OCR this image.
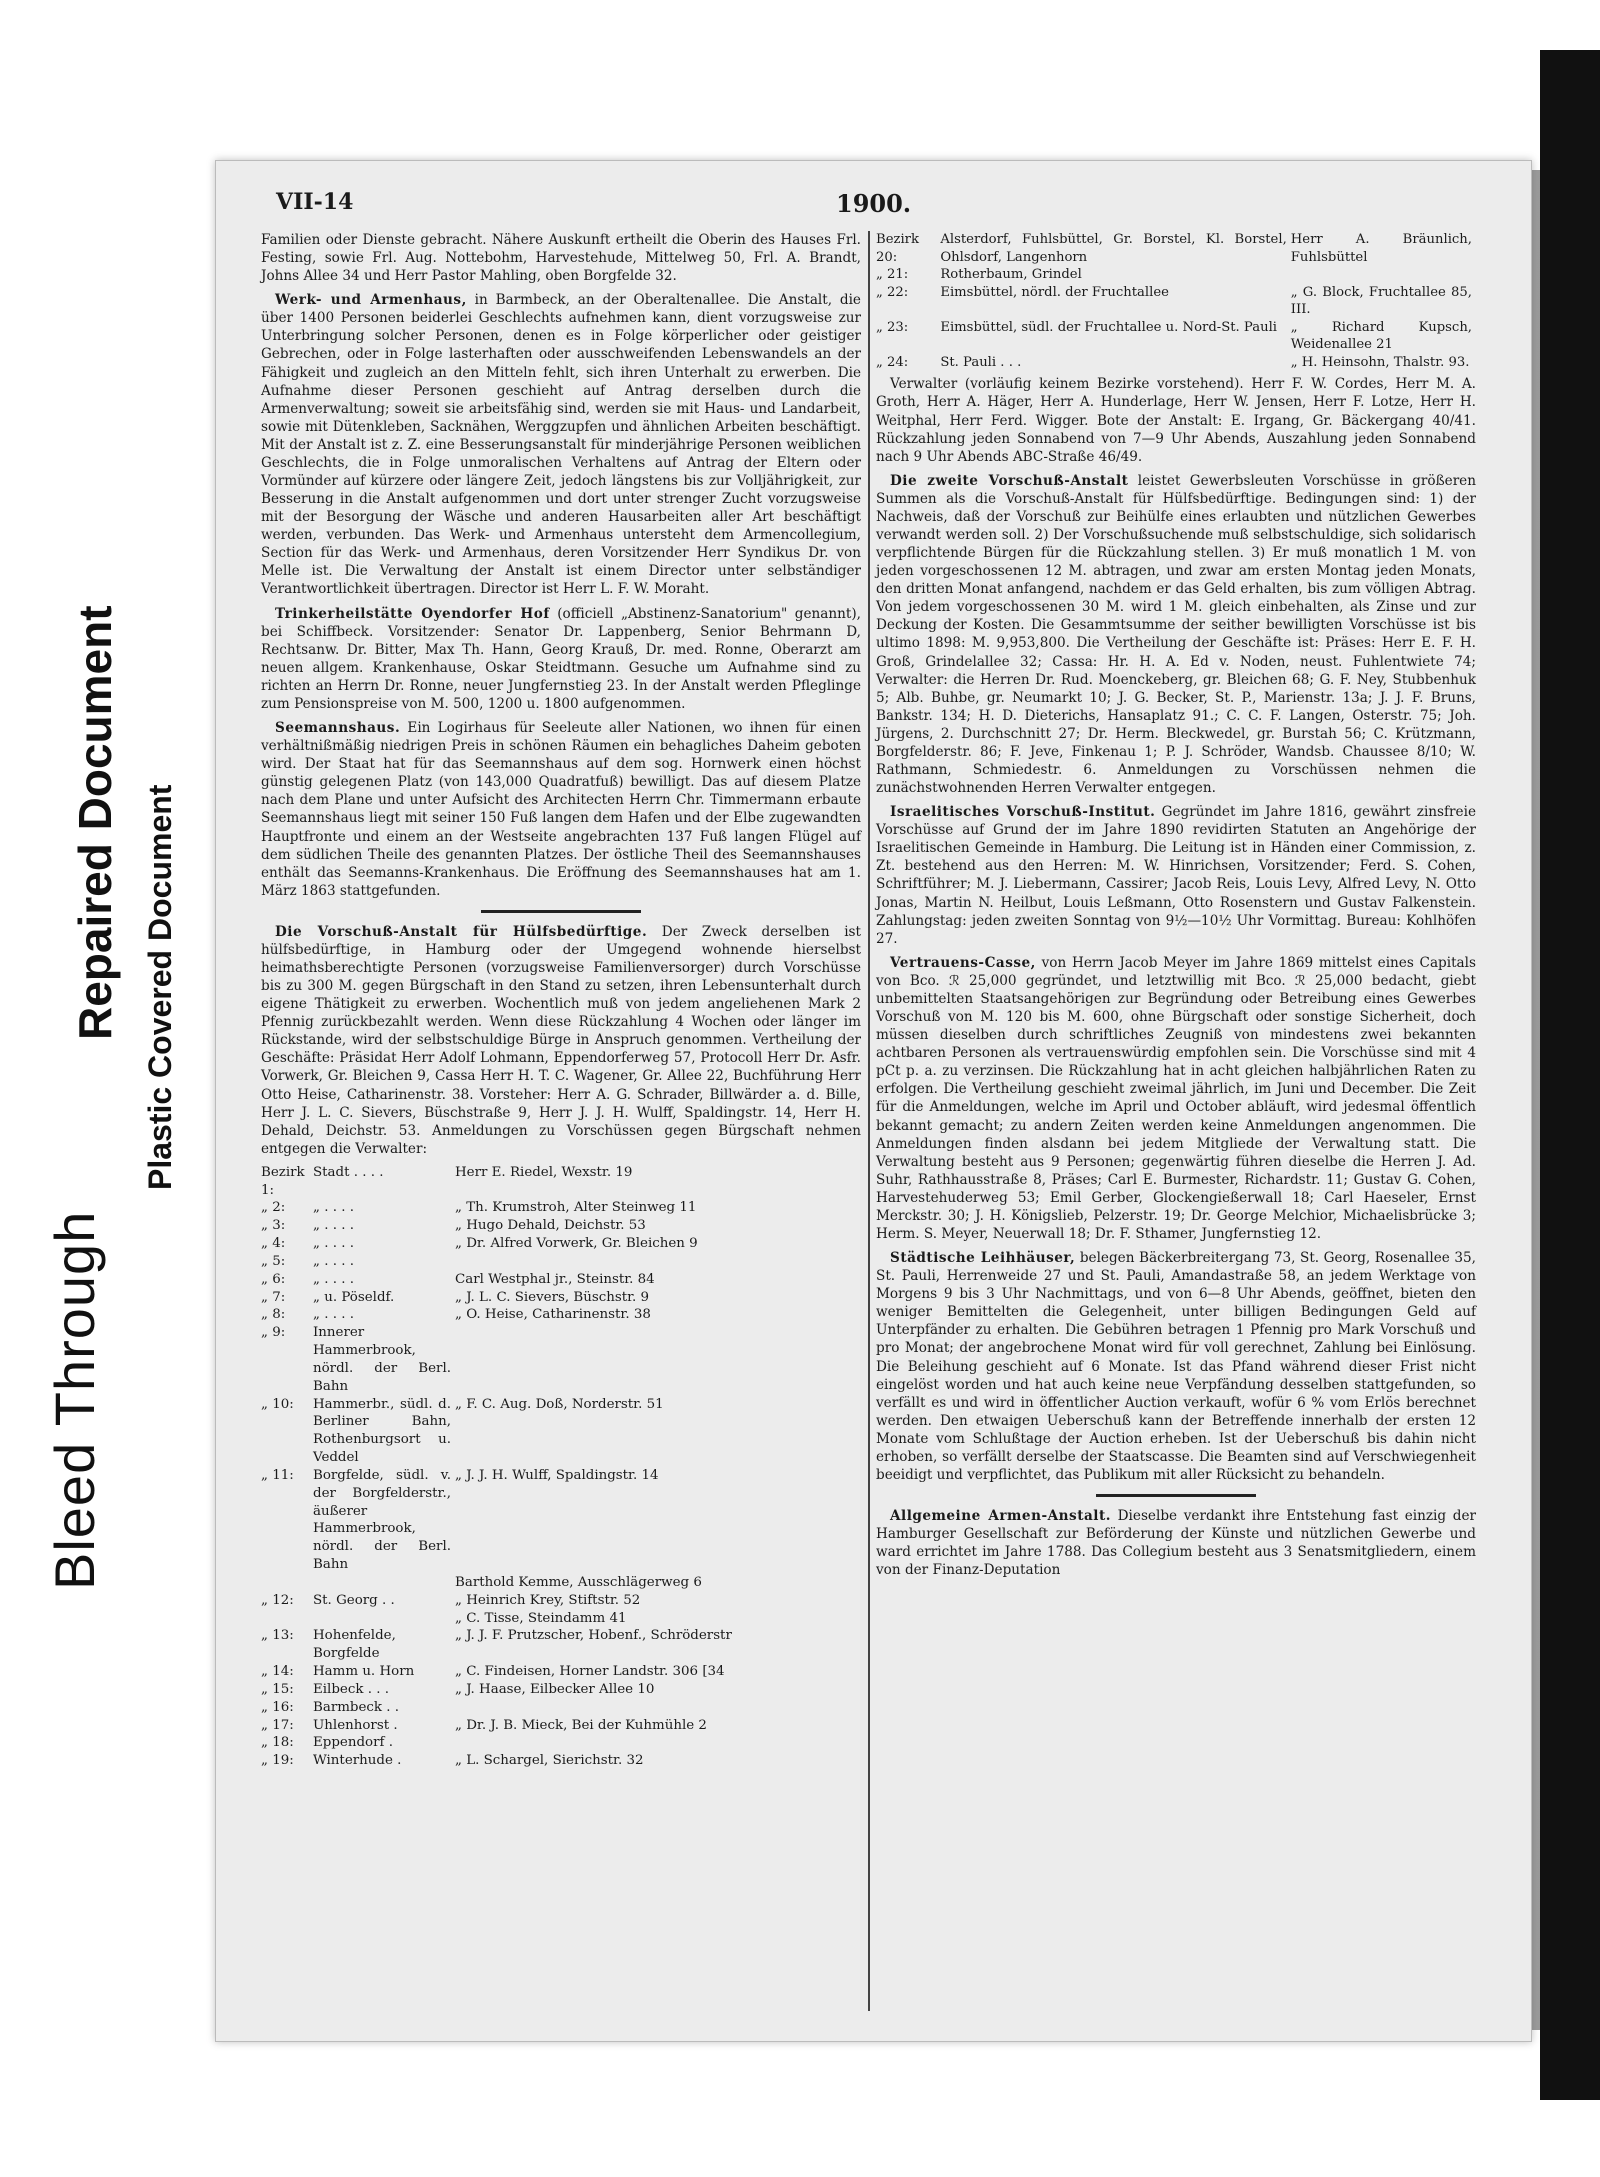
Bleed Through
Repaired Document Plastic Covered Document
VII-14	1900.

Familien oder Dienste gebracht. Nähere Auskunft ertheilt die Oberin des Hauses Frl. Festing, sowie Frl. Aug. Nottebohm, Harvestehude, Mittelweg 50, Frl. A. Brandt, Johns Allee 34 und Herr Pastor Mahling, oben Borgfelde 32.

Werk- und Armenhaus, in Barmbeck, an der Oberaltenallee. Die Anstalt, die über 1400 Personen beiderlei Geschlechts aufnehmen kann, dient vorzugsweise zur Unterbringung solcher Personen, denen es in Folge körperlicher oder geistiger Gebrechen, oder in Folge lasterhaften oder ausschweifenden Lebenswandels an der Fähigkeit und zugleich an den Mitteln fehlt, sich ihren Unterhalt zu erwerben. Die Aufnahme dieser Personen geschieht auf Antrag derselben durch die Armenverwaltung; soweit sie arbeitsfähig sind, werden sie mit Haus- und Landarbeit, sowie mit Dütenkleben, Sacknähen, Werggzupfen und ähnlichen Arbeiten beschäftigt. Mit der Anstalt ist z. Z. eine Besserungsanstalt für minderjährige Personen weiblichen Geschlechts, die in Folge unmoralischen Verhaltens auf Antrag der Eltern oder Vormünder auf kürzere oder längere Zeit, jedoch längstens bis zur Volljährigkeit, zur Besserung in die Anstalt aufgenommen und dort unter strenger Zucht vorzugsweise mit der Besorgung der Wäsche und anderen Hausarbeiten aller Art beschäftigt werden, verbunden. Das Werk- und Armenhaus untersteht dem Armencollegium, Section für das Werk- und Armenhaus, deren Vorsitzender Herr Syndikus Dr. von Melle ist. Die Verwaltung der Anstalt ist einem Director unter selbständiger Verantwortlichkeit übertragen. Director ist Herr L. F. W. Moraht.

Trinkerheilstätte Oyendorfer Hof (officiell „Abstinenz-Sanatorium" genannt), bei Schiffbeck. Vorsitzender: Senator Dr. Lappenberg, Senior Behrmann D, Rechtsanw. Dr. Bitter, Max Th. Hann, Georg Krauß, Dr. med. Ronne, Oberarzt am neuen allgem. Krankenhause, Oskar Steidtmann. Gesuche um Aufnahme sind zu richten an Herrn Dr. Ronne, neuer Jungfernstieg 23. In der Anstalt werden Pfleglinge zum Pensionspreise von M. 500, 1200 u. 1800 aufgenommen.

Seemannshaus. Ein Logirhaus für Seeleute aller Nationen, wo ihnen für einen verhältnißmäßig niedrigen Preis in schönen Räumen ein behagliches Daheim geboten wird. Der Staat hat für das Seemannshaus auf dem sog. Hornwerk einen höchst günstig gelegenen Platz (von 143,000 Quadratfuß) bewilligt. Das auf diesem Platze nach dem Plane und unter Aufsicht des Architecten Herrn Chr. Timmermann erbaute Seemannshaus liegt mit seiner 150 Fuß langen dem Hafen und der Elbe zugewandten Hauptfronte und einem an der Westseite angebrachten 137 Fuß langen Flügel auf dem südlichen Theile des genannten Platzes. Der östliche Theil des Seemannshauses enthält das Seemanns-Krankenhaus. Die Eröffnung des Seemannshauses hat am 1. März 1863 stattgefunden.

Die Vorschuß-Anstalt für Hülfsbedürftige. Der Zweck derselben ist hülfsbedürftige, in Hamburg oder der Umgegend wohnende hierselbst heimathsberechtigte Personen (vorzugsweise Familienversorger) durch Vorschüsse bis zu 300 M. gegen Bürgschaft in den Stand zu setzen, ihren Lebensunterhalt durch eigene Thätigkeit zu erwerben. Wochentlich muß von jedem angeliehenen Mark 2 Pfennig zurückbezahlt werden. Wenn diese Rückzahlung 4 Wochen oder länger im Rückstande, wird der selbstschuldige Bürge in Anspruch genommen. Vertheilung der Geschäfte: Präsidat Herr Adolf Lohmann, Eppendorferweg 57, Protocoll Herr Dr. Asfr. Vorwerk, Gr. Bleichen 9, Cassa Herr H. T. C. Wagener, Gr. Allee 22, Buchführung Herr Otto Heise, Catharinenstr. 38. Vorsteher: Herr A. G. Schrader, Billwärder a. d. Bille, Herr J. L. C. Sievers, Büschstraße 9, Herr J. J. H. Wulff, Spaldingstr. 14, Herr H. Dehald, Deichstr. 53. Anmeldungen zu Vorschüssen gegen Bürgschaft nehmen entgegen die Verwalter:

Bezirk 1:	Stadt . . . .	Herr E. Riedel, Wexstr. 19
„ 2:	„ . . . .	„ Th. Krumstroh, Alter Steinweg 11
„ 3:	„ . . . .	„ Hugo Dehald, Deichstr. 53
„ 4:	„ . . . .	„ Dr. Alfred Vorwerk, Gr. Bleichen 9
„ 5:	„ . . . .	
„ 6:	„ . . . .	Carl Westphal jr., Steinstr. 84
„ 7:	„ u. Pöseldf.	„ J. L. C. Sievers, Büschstr. 9
„ 8:	„ . . . .	„ O. Heise, Catharinenstr. 38
„ 9:	Innerer Hammerbrook, nördl. der Berl. Bahn	
„ 10:	Hammerbr., südl. d. Berliner Bahn, Rothenburgsort u. Veddel	„ F. C. Aug. Doß, Norderstr. 51
„ 11:	Borgfelde, südl. v. der Borgfelderstr., äußerer Hammerbrook, nördl. der Berl. Bahn	„ J. J. H. Wulff, Spaldingstr. 14
		Barthold Kemme, Ausschlägerweg 6
„ 12:	St. Georg . .	„ Heinrich Krey, Stiftstr. 52
		„ C. Tisse, Steindamm 41
„ 13:	Hohenfelde, Borgfelde	„ J. J. F. Prutzscher, Hobenf., Schröderstr
„ 14:	Hamm u. Horn	„ C. Findeisen, Horner Landstr. 306 [34
„ 15:	Eilbeck . . .	„ J. Haase, Eilbecker Allee 10
„ 16:	Barmbeck . .	
„ 17:	Uhlenhorst .	„ Dr. J. B. Mieck, Bei der Kuhmühle 2
„ 18:	Eppendorf .	
„ 19:	Winterhude .	„ L. Schargel, Sierichstr. 32
Bezirk 20:	Alsterdorf, Fuhlsbüttel, Gr. Borstel, Kl. Borstel, Ohlsdorf, Langenhorn	Herr A. Bräunlich, Fuhlsbüttel
„ 21:	Rotherbaum, Grindel	
„ 22:	Eimsbüttel, nördl. der Fruchtallee	„ G. Block, Fruchtallee 85, III.
„ 23:	Eimsbüttel, südl. der Fruchtallee u. Nord-St. Pauli	„ Richard Kupsch, Weidenallee 21
„ 24:	St. Pauli . . .	„ H. Heinsohn, Thalstr. 93.

Verwalter (vorläufig keinem Bezirke vorstehend). Herr F. W. Cordes, Herr M. A. Groth, Herr A. Häger, Herr A. Hunderlage, Herr W. Jensen, Herr F. Lotze, Herr H. Weitphal, Herr Ferd. Wigger. Bote der Anstalt: E. Irgang, Gr. Bäckergang 40/41. Rückzahlung jeden Sonnabend von 7—9 Uhr Abends, Auszahlung jeden Sonnabend nach 9 Uhr Abends ABC-Straße 46/49.

Die zweite Vorschuß-Anstalt leistet Gewerbsleuten Vorschüsse in größeren Summen als die Vorschuß-Anstalt für Hülfsbedürftige. Bedingungen sind: 1) der Nachweis, daß der Vorschuß zur Beihülfe eines erlaubten und nützlichen Gewerbes verwandt werden soll. 2) Der Vorschußsuchende muß selbstschuldige, sich solidarisch verpflichtende Bürgen für die Rückzahlung stellen. 3) Er muß monatlich 1 M. von jeden vorgeschossenen 12 M. abtragen, und zwar am ersten Montag jeden Monats, den dritten Monat anfangend, nachdem er das Geld erhalten, bis zum völligen Abtrag. Von jedem vorgeschossenen 30 M. wird 1 M. gleich einbehalten, als Zinse und zur Deckung der Kosten. Die Gesammtsumme der seither bewilligten Vorschüsse ist bis ultimo 1898: M. 9,953,800. Die Vertheilung der Geschäfte ist: Präses: Herr E. F. H. Groß, Grindelallee 32; Cassa: Hr. H. A. Ed v. Noden, neust. Fuhlentwiete 74; Verwalter: die Herren Dr. Rud. Moenckeberg, gr. Bleichen 68; G. F. Ney, Stubbenhuk 5; Alb. Buhbe, gr. Neumarkt 10; J. G. Becker, St. P., Marienstr. 13a; J. J. F. Bruns, Bankstr. 134; H. D. Dieterichs, Hansaplatz 91.; C. C. F. Langen, Osterstr. 75; Joh. Jürgens, 2. Durchschnitt 27; Dr. Herm. Bleckwedel, gr. Burstah 56; C. Krützmann, Borgfelderstr. 86; F. Jeve, Finkenau 1; P. J. Schröder, Wandsb. Chaussee 8/10; W. Rathmann, Schmiedestr. 6. Anmeldungen zu Vorschüssen nehmen die zunächstwohnenden Herren Verwalter entgegen.

Israelitisches Vorschuß-Institut. Gegründet im Jahre 1816, gewährt zinsfreie Vorschüsse auf Grund der im Jahre 1890 revidirten Statuten an Angehörige der Israelitischen Gemeinde in Hamburg. Die Leitung ist in Händen einer Commission, z. Zt. bestehend aus den Herren: M. W. Hinrichsen, Vorsitzender; Ferd. S. Cohen, Schriftführer; M. J. Liebermann, Cassirer; Jacob Reis, Louis Levy, Alfred Levy, N. Otto Jonas, Martin N. Heilbut, Louis Leßmann, Otto Rosenstern und Gustav Falkenstein. Zahlungstag: jeden zweiten Sonntag von 9½—10½ Uhr Vormittag. Bureau: Kohlhöfen 27.

Vertrauens-Casse, von Herrn Jacob Meyer im Jahre 1869 mittelst eines Capitals von Bco. ℛ 25,000 gegründet, und letztwillig mit Bco. ℛ 25,000 bedacht, giebt unbemittelten Staatsangehörigen zur Begründung oder Betreibung eines Gewerbes Vorschuß von M. 120 bis M. 600, ohne Bürgschaft oder sonstige Sicherheit, doch müssen dieselben durch schriftliches Zeugniß von mindestens zwei bekannten achtbaren Personen als vertrauenswürdig empfohlen sein. Die Vorschüsse sind mit 4 pCt p. a. zu verzinsen. Die Rückzahlung hat in acht gleichen halbjährlichen Raten zu erfolgen. Die Vertheilung geschieht zweimal jährlich, im Juni und December. Die Zeit für die Anmeldungen, welche im April und October abläuft, wird jedesmal öffentlich bekannt gemacht; zu andern Zeiten werden keine Anmeldungen angenommen. Die Anmeldungen finden alsdann bei jedem Mitgliede der Verwaltung statt. Die Verwaltung besteht aus 9 Personen; gegenwärtig führen dieselbe die Herren J. Ad. Suhr, Rathhausstraße 8, Präses; Carl E. Burmester, Richardstr. 11; Gustav G. Cohen, Harvestehuderweg 53; Emil Gerber, Glockengießerwall 18; Carl Haeseler, Ernst Merckstr. 30; J. H. Königslieb, Pelzerstr. 19; Dr. George Melchior, Michaelisbrücke 3; Herm. S. Meyer, Neuerwall 18; Dr. F. Sthamer, Jungfernstieg 12.

Städtische Leihhäuser, belegen Bäckerbreitergang 73, St. Georg, Rosenallee 35, St. Pauli, Herrenweide 27 und St. Pauli, Amandastraße 58, an jedem Werktage von Morgens 9 bis 3 Uhr Nachmittags, und von 6—8 Uhr Abends, geöffnet, bieten den weniger Bemittelten die Gelegenheit, unter billigen Bedingungen Geld auf Unterpfänder zu erhalten. Die Gebühren betragen 1 Pfennig pro Mark Vorschuß und pro Monat; der angebrochene Monat wird für voll gerechnet, Zahlung bei Einlösung. Die Beleihung geschieht auf 6 Monate. Ist das Pfand während dieser Frist nicht eingelöst worden und hat auch keine neue Verpfändung desselben stattgefunden, so verfällt es und wird in öffentlicher Auction verkauft, wofür 6 % vom Erlös berechnet werden. Den etwaigen Ueberschuß kann der Betreffende innerhalb der ersten 12 Monate vom Schlußtage der Auction erheben. Ist der Ueberschuß bis dahin nicht erhoben, so verfällt derselbe der Staatscasse. Die Beamten sind auf Verschwiegenheit beeidigt und verpflichtet, das Publikum mit aller Rücksicht zu behandeln.

Allgemeine Armen-Anstalt. Dieselbe verdankt ihre Entstehung fast einzig der Hamburger Gesellschaft zur Beförderung der Künste und nützlichen Gewerbe und ward errichtet im Jahre 1788. Das Collegium besteht aus 3 Senatsmitgliedern, einem von der Finanz-Deputation
